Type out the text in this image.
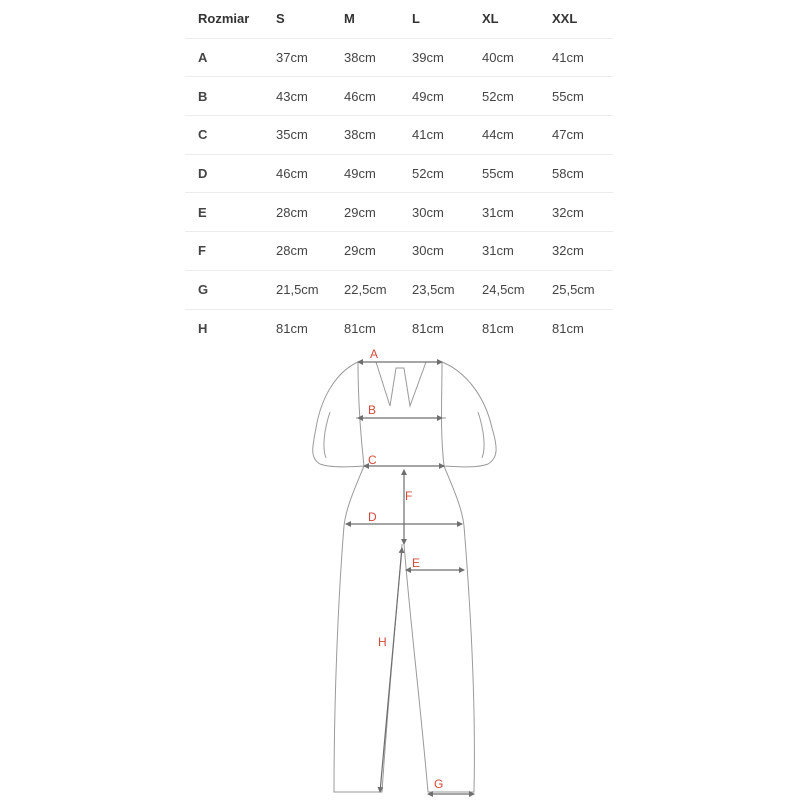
Rozmiar	S	M	L	XL	XXL
A	37cm	38cm	39cm	40cm	41cm
B	43cm	46cm	49cm	52cm	55cm
C	35cm	38cm	41cm	44cm	47cm
D	46cm	49cm	52cm	55cm	58cm
E	28cm	29cm	30cm	31cm	32cm
F	28cm	29cm	30cm	31cm	32cm
G	21,5cm	22,5cm	23,5cm	24,5cm	25,5cm
H	81cm	81cm	81cm	81cm	81cm
A
B
C
D
E
F
G
H
